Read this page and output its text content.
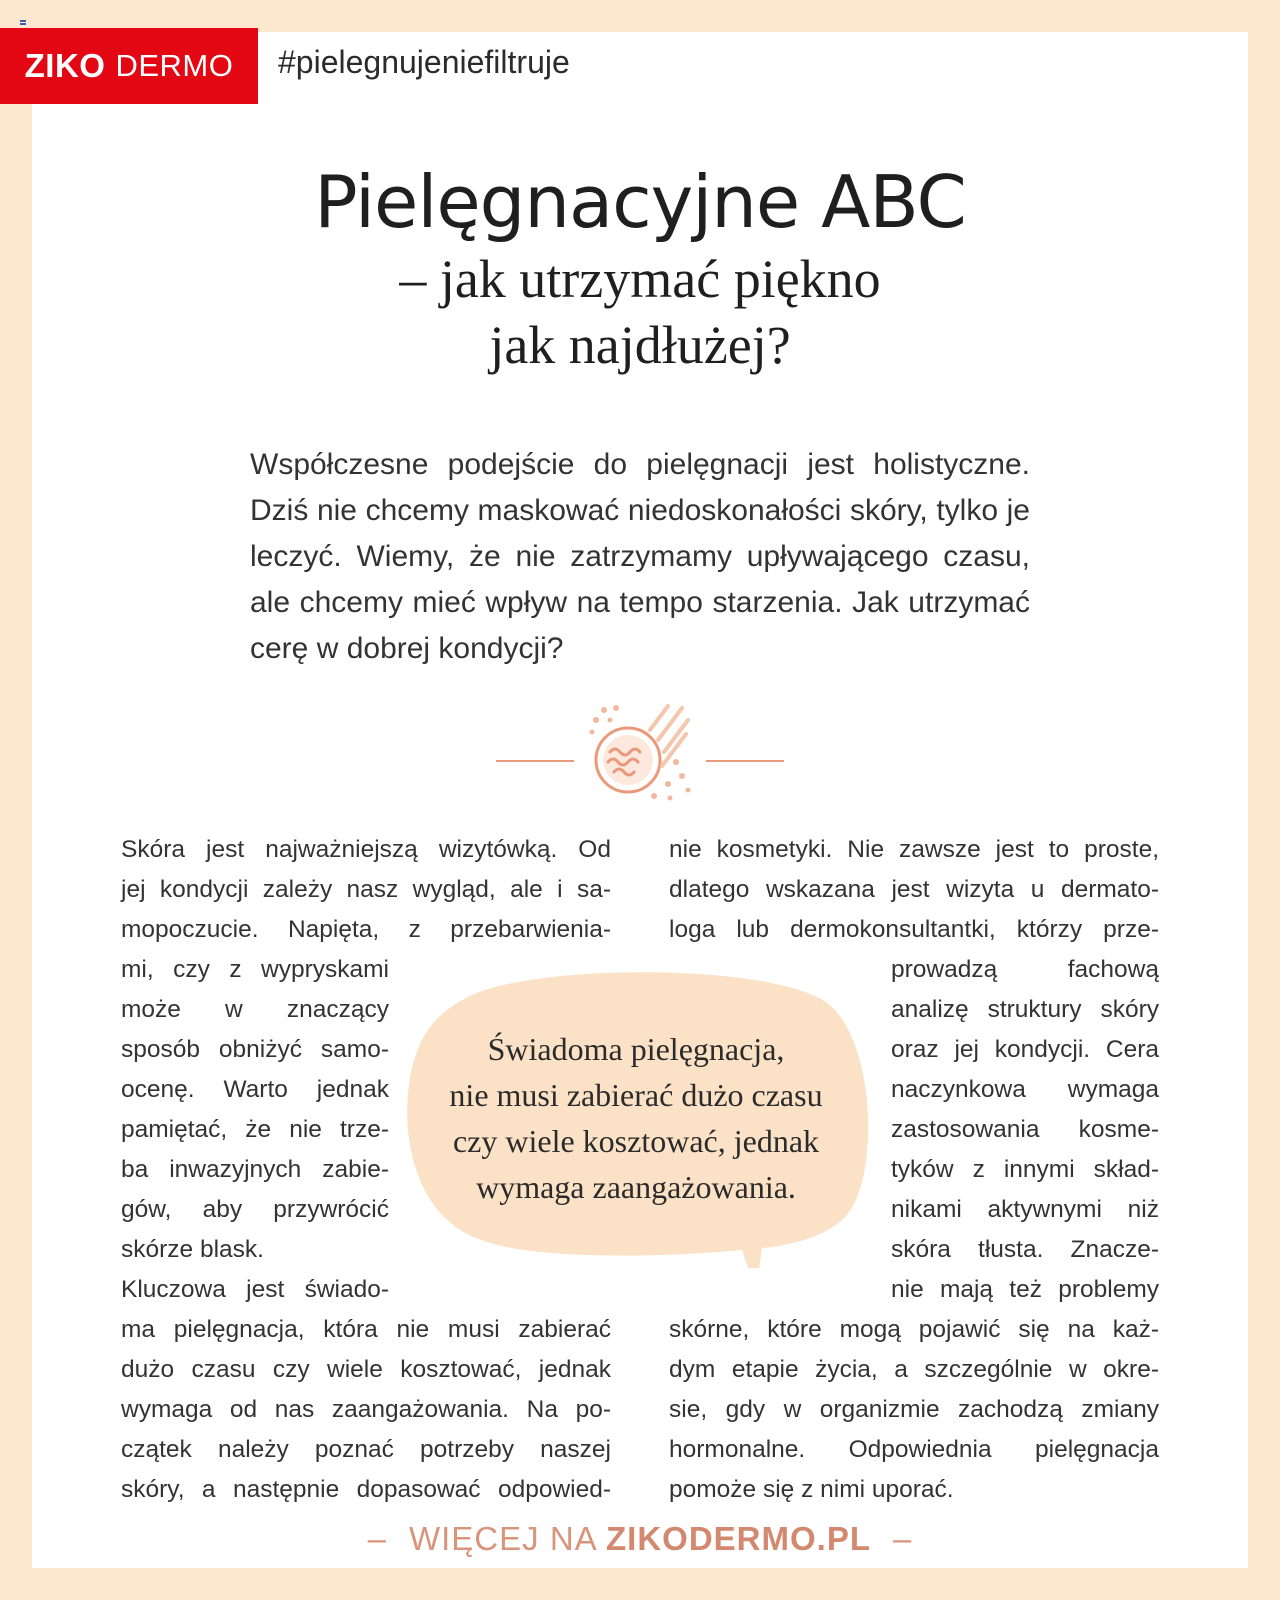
ZIKO DERMO #pielegnujeniefiltruje
Pielęgnacyjne ABC
– jak utrzymać piękno
jak najdłużej?
Współczesne podejście do pielęgnacji jest holistyczne. Dziś nie chcemy maskować niedoskonałości skóry, tylko je leczyć. Wiemy, że nie zatrzymamy upływającego czasu, ale chcemy mieć wpływ na tempo starzenia. Jak utrzymać cerę w dobrej kondycji?
Skóra jest najważniejszą wizytówką. Od
jej kondycji zależy nasz wygląd, ale i sa-
mopoczucie. Napięta, z przebarwienia-
mi, czy z wypryskami
może w znaczący
sposób obniżyć samo-
ocenę. Warto jednak
pamiętać, że nie trze-
ba inwazyjnych zabie-
gów, aby przywrócić
skórze blask.
Kluczowa jest świado-
ma pielęgnacja, która nie musi zabierać
dużo czasu czy wiele kosztować, jednak
wymaga od nas zaangażowania. Na po-
czątek należy poznać potrzeby naszej
skóry, a następnie dopasować odpowied-
nie kosmetyki. Nie zawsze jest to proste,
dlatego wskazana jest wizyta u dermato-
loga lub dermokonsultantki, którzy prze-
prowadzą fachową
analizę struktury skóry
oraz jej kondycji. Cera
naczynkowa wymaga
zastosowania kosme-
tyków z innymi skład-
nikami aktywnymi niż
skóra tłusta. Znacze-
nie mają też problemy
skórne, które mogą pojawić się na każ-
dym etapie życia, a szczególnie w okre-
sie, gdy w organizmie zachodzą zmiany
hormonalne. Odpowiednia pielęgnacja
pomoże się z nimi uporać.
Świadoma pielęgnacja,
nie musi zabierać dużo czasu
czy wiele kosztować, jednak
wymaga zaangażowania.
– WIĘCEJ NA ZIKODERMO.PL –
